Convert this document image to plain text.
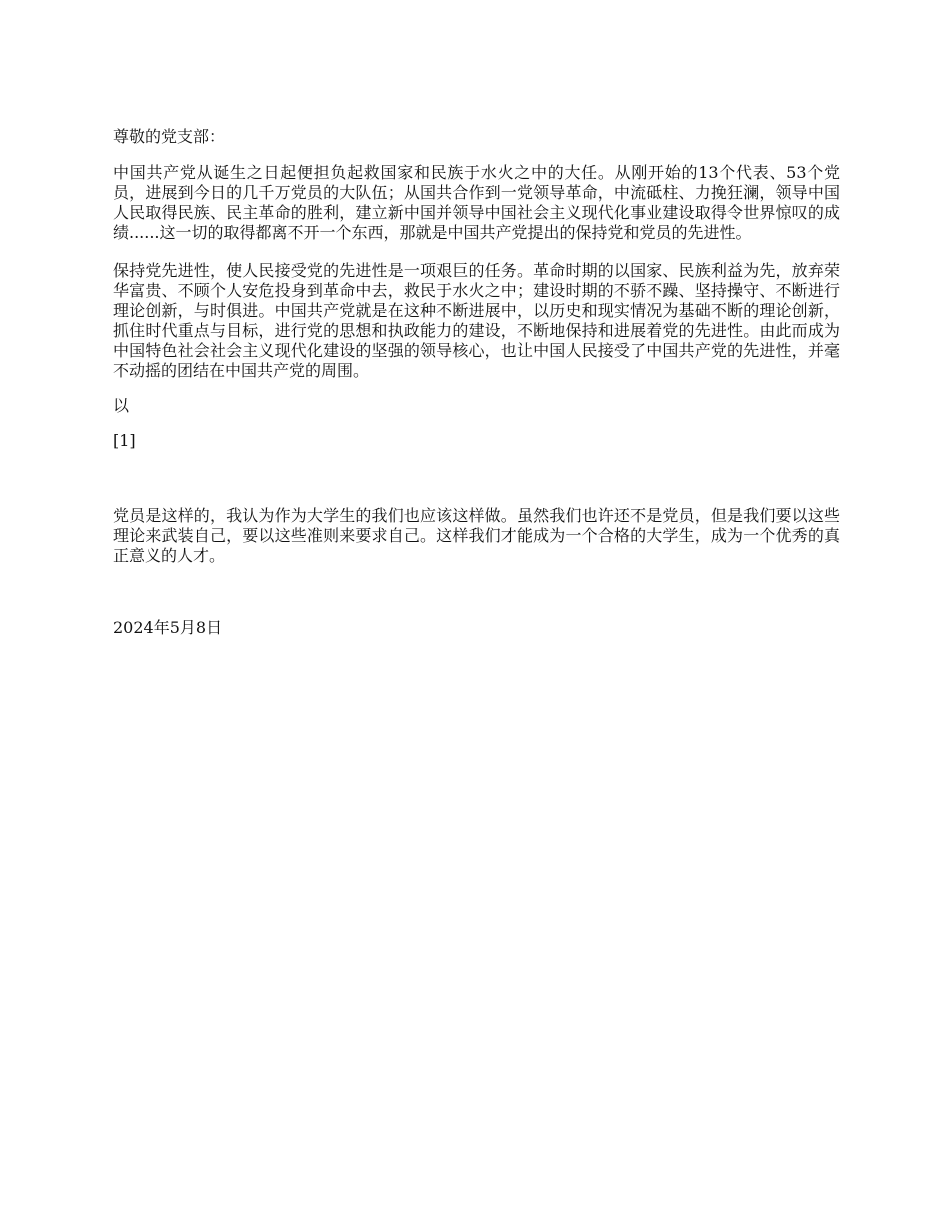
尊敬的党支部：

中国共产党从诞生之日起便担负起救国家和民族于水火之中的大任。从刚开始的13个代表、53个党员，进展到今日的几千万党员的大队伍；从国共合作到一党领导革命，中流砥柱、力挽狂澜，领导中国人民取得民族、民主革命的胜利，建立新中国并领导中国社会主义现代化事业建设取得令世界惊叹的成绩......这一切的取得都离不开一个东西，那就是中国共产党提出的保持党和党员的先进性。

保持党先进性，使人民接受党的先进性是一项艰巨的任务。革命时期的以国家、民族利益为先，放弃荣华富贵、不顾个人安危投身到革命中去，救民于水火之中；建设时期的不骄不躁、坚持操守、不断进行理论创新，与时俱进。中国共产党就是在这种不断进展中，以历史和现实情况为基础不断的理论创新，抓住时代重点与目标，进行党的思想和执政能力的建设，不断地保持和进展着党的先进性。由此而成为中国特色社会社会主义现代化建设的坚强的领导核心，也让中国人民接受了中国共产党的先进性，并毫不动摇的团结在中国共产党的周围。

以

[1]

党员是这样的，我认为作为大学生的我们也应该这样做。虽然我们也许还不是党员，但是我们要以这些理论来武装自己，要以这些准则来要求自己。这样我们才能成为一个合格的大学生，成为一个优秀的真正意义的人才。

2024年5月8日
